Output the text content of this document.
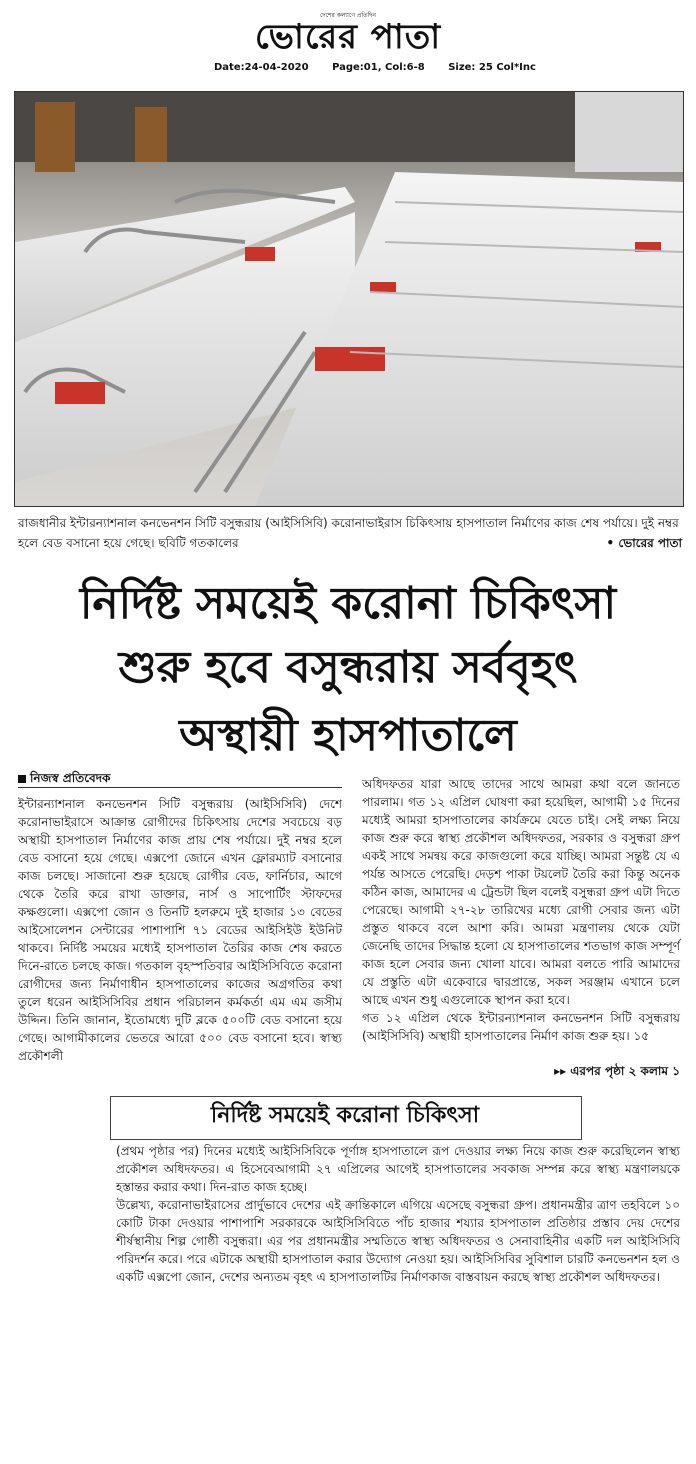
দেশের কল্যাণে প্রতিদিন
ভোরের পাতা
Date:24-04-2020 Page:01, Col:6-8 Size: 25 Col*Inc
রাজধানীর ইন্টারন্যাশনাল কনভেনশন সিটি বসুন্ধরায় (আইসিসিবি) করোনাভাইরাস চিকিৎসায় হাসপাতাল নির্মাণের কাজ শেষ পর্যায়ে। দুই নম্বর হলে বেড বসানো হয়ে গেছে। ছবিটি গতকালের	• ভোরের পাতা
নির্দিষ্ট সময়েই করোনা চিকিৎসা
শুরু হবে বসুন্ধরায় সর্ববৃহৎ
অস্থায়ী হাসপাতালে
নিজস্ব প্রতিবেদক

ইন্টারন্যাশনাল কনভেনশন সিটি বসুন্ধরায় (আইসিসিবি) দেশে করোনাভাইরাসে আক্রান্ত রোগীদের চিকিৎসায় দেশের সবচেয়ে বড় অস্থায়ী হাসপাতাল নির্মাণের কাজ প্রায় শেষ পর্যায়ে। দুই নম্বর হলে বেড বসানো হয়ে গেছে। এক্সপো জোনে এখন ফ্লোরম্যাট বসানোর কাজ চলছে। সাজানো শুরু হয়েছে রোগীর বেড, ফার্নিচার, আগে থেকে তৈরি করে রাখা ডাক্তার, নার্স ও সাপোর্টিং স্টাফদের কক্ষগুলো। এক্সপো জোন ও তিনটি হলরুমে দুই হাজার ১৩ বেডের আইসোলেশন সেন্টারের পাশাপাশি ৭১ বেডের আইসিইউ ইউনিট থাকবে। নির্দিষ্ট সময়ের মধ্যেই হাসপাতাল তৈরির কাজ শেষ করতে দিনে-রাতে চলছে কাজ। গতকাল বৃহস্পতিবার আইসিসিবিতে করোনা রোগীদের জন্য নির্মাণাধীন হাসপাতালের কাজের অগ্রগতির কথা তুলে ধরেন আইসিসিবির প্রধান পরিচালন কর্মকর্তা এম এম জসীম উদ্দিন। তিনি জানান, ইতোমধ্যে দুটি ব্লকে ৫০০টি বেড বসানো হয়ে গেছে। আগামীকালের ভেতরে আরো ৫০০ বেড বসানো হবে। স্বাস্থ্য প্রকৌশলী

অধিদফতর যারা আছে তাদের সাথে আমরা কথা বলে জানতে পারলাম। গত ১২ এপ্রিল ঘোষণা করা হয়েছিল, আগামী ১৫ দিনের মধ্যেই আমরা হাসপাতালের কার্যক্রমে যেতে চাই। সেই লক্ষ্য নিয়ে কাজ শুরু করে স্বাস্থ্য প্রকৌশল অধিদফতর, সরকার ও বসুন্ধরা গ্রুপ একই সাথে সমন্বয় করে কাজগুলো করে যাচ্ছি। আমরা সন্তুষ্ট যে এ পর্যন্ত আসতে পেরেছি। দেড়শ পাকা টয়লেট তৈরি করা কিন্তু অনেক কঠিন কাজ, আমাদের এ ট্রেন্ডটা ছিল বলেই বসুন্ধরা গ্রুপ এটা দিতে পেরেছে। আগামী ২৭-২৮ তারিখের মধ্যে রোগী সেবার জন্য এটা প্রস্তুত থাকবে বলে আশা করি। আমরা মন্ত্রণালয় থেকে যেটা জেনেছি তাদের সিদ্ধান্ত হলো যে হাসপাতালের শতভাগ কাজ সম্পূর্ণ কাজ হলে সেবার জন্য খোলা যাবে। আমরা বলতে পারি আমাদের যে প্রস্তুতি এটা একেবারে দ্বারপ্রান্তে, সকল সরঞ্জাম এখানে চলে আছে এখন শুধু এগুলোকে স্থাপন করা হবে।

গত ১২ এপ্রিল থেকে ইন্টারন্যাশনাল কনভেনশন সিটি বসুন্ধরায় (আইসিসিবি) অস্থায়ী হাসপাতালের নির্মাণ কাজ শুরু হয়। ১৫

▸▸ এরপর পৃষ্ঠা ২ কলাম ১
নির্দিষ্ট সময়েই করোনা চিকিৎসা

(প্রথম পৃষ্ঠার পর) দিনের মধ্যেই আইসিসিবিকে পূর্ণাঙ্গ হাসপাতালে রূপ দেওয়ার লক্ষ্য নিয়ে কাজ শুরু করেছিলেন স্বাস্থ্য প্রকৌশল অধিদফতর। এ হিসেবেআগামী ২৭ এপ্রিলের আগেই হাসপাতালের সবকাজ সম্পন্ন করে স্বাস্থ্য মন্ত্রণালয়কে হস্তান্তর করার কথা। দিন-রাত কাজ হচ্ছে।

উল্লেখ্য, করোনাভাইরাসের প্রার্দুভাবে দেশের এই ক্রান্তিকালে এগিয়ে এসেছে বসুন্ধরা গ্রুপ। প্রধানমন্ত্রীর ত্রাণ তহবিলে ১০ কোটি টাকা দেওয়ার পাশাপাশি সরকারকে আইসিসিবিতে পাঁচ হাজার শয্যার হাসপাতাল প্রতিষ্ঠার প্রস্তাব দেয় দেশের শীর্ষস্থানীয় শিল্প গোষ্ঠী বসুন্ধরা। এর পর প্রধানমন্ত্রীর সম্মতিতে স্বাস্থ্য অধিদফতর ও সেনাবাহিনীর একটি দল আইসিসিবি পরিদর্শন করে। পরে এটাকে অস্থায়ী হাসপাতাল করার উদ্যোগ নেওয়া হয়। আইসিসিবির সুবিশাল চারটি কনভেনশন হল ও একটি এক্সপো জোন, দেশের অন্যতম বৃহৎ এ হাসপাতালটির নির্মাণকাজ বাস্তবায়ন করছে স্বাস্থ্য প্রকৌশল অধিদফতর।
